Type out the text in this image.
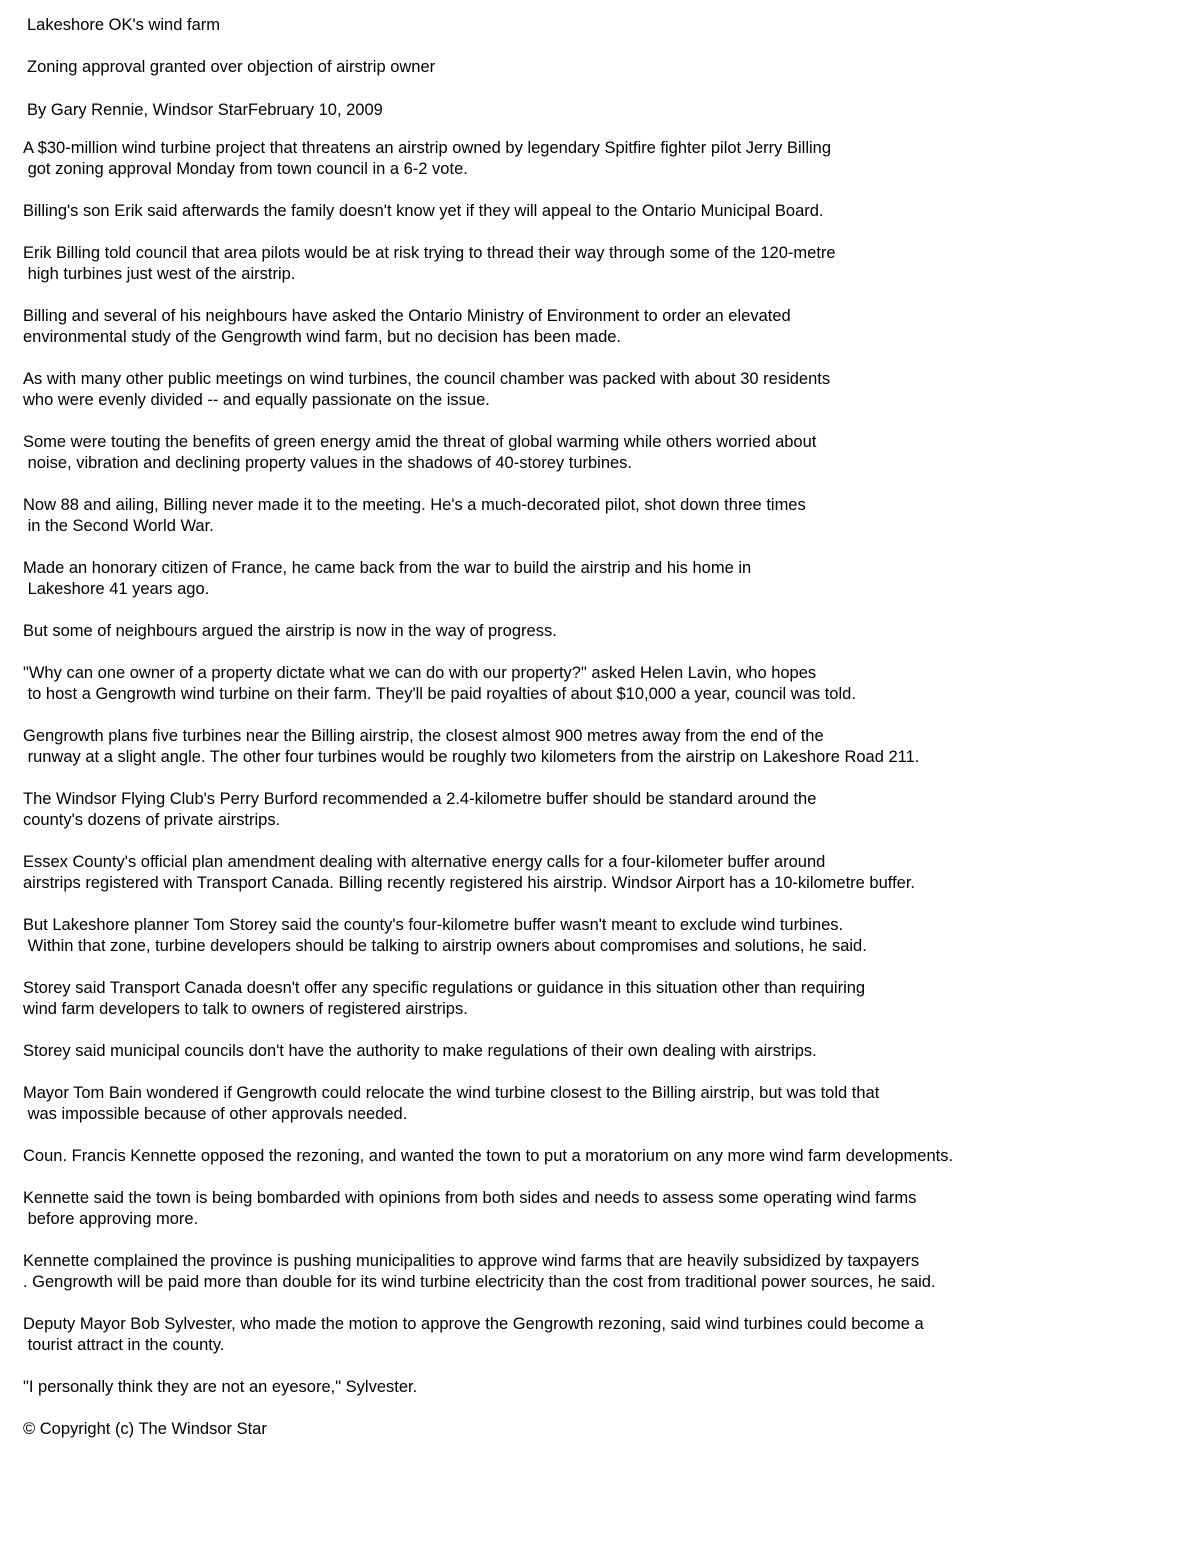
Lakeshore OK's wind farm
Zoning approval granted over objection of airstrip owner
By Gary Rennie, Windsor StarFebruary 10, 2009
A $30-million wind turbine project that threatens an airstrip owned by legendary Spitfire fighter pilot Jerry Billing
got zoning approval Monday from town council in a 6-2 vote.
Billing's son Erik said afterwards the family doesn't know yet if they will appeal to the Ontario Municipal Board.
Erik Billing told council that area pilots would be at risk trying to thread their way through some of the 120-metre
high turbines just west of the airstrip.
Billing and several of his neighbours have asked the Ontario Ministry of Environment to order an elevated
environmental study of the Gengrowth wind farm, but no decision has been made.
As with many other public meetings on wind turbines, the council chamber was packed with about 30 residents
who were evenly divided -- and equally passionate on the issue.
Some were touting the benefits of green energy amid the threat of global warming while others worried about
noise, vibration and declining property values in the shadows of 40-storey turbines.
Now 88 and ailing, Billing never made it to the meeting. He's a much-decorated pilot, shot down three times
in the Second World War.
Made an honorary citizen of France, he came back from the war to build the airstrip and his home in
Lakeshore 41 years ago.
But some of neighbours argued the airstrip is now in the way of progress.
"Why can one owner of a property dictate what we can do with our property?" asked Helen Lavin, who hopes
to host a Gengrowth wind turbine on their farm. They'll be paid royalties of about $10,000 a year, council was told.
Gengrowth plans five turbines near the Billing airstrip, the closest almost 900 metres away from the end of the
runway at a slight angle. The other four turbines would be roughly two kilometers from the airstrip on Lakeshore Road 211.
The Windsor Flying Club's Perry Burford recommended a 2.4-kilometre buffer should be standard around the
county's dozens of private airstrips.
Essex County's official plan amendment dealing with alternative energy calls for a four-kilometer buffer around
airstrips registered with Transport Canada. Billing recently registered his airstrip. Windsor Airport has a 10-kilometre buffer.
But Lakeshore planner Tom Storey said the county's four-kilometre buffer wasn't meant to exclude wind turbines.
Within that zone, turbine developers should be talking to airstrip owners about compromises and solutions, he said.
Storey said Transport Canada doesn't offer any specific regulations or guidance in this situation other than requiring
wind farm developers to talk to owners of registered airstrips.
Storey said municipal councils don't have the authority to make regulations of their own dealing with airstrips.
Mayor Tom Bain wondered if Gengrowth could relocate the wind turbine closest to the Billing airstrip, but was told that
was impossible because of other approvals needed.
Coun. Francis Kennette opposed the rezoning, and wanted the town to put a moratorium on any more wind farm developments.
Kennette said the town is being bombarded with opinions from both sides and needs to assess some operating wind farms
before approving more.
Kennette complained the province is pushing municipalities to approve wind farms that are heavily subsidized by taxpayers
. Gengrowth will be paid more than double for its wind turbine electricity than the cost from traditional power sources, he said.
Deputy Mayor Bob Sylvester, who made the motion to approve the Gengrowth rezoning, said wind turbines could become a
tourist attract in the county.
"I personally think they are not an eyesore," Sylvester.
© Copyright (c) The Windsor Star
